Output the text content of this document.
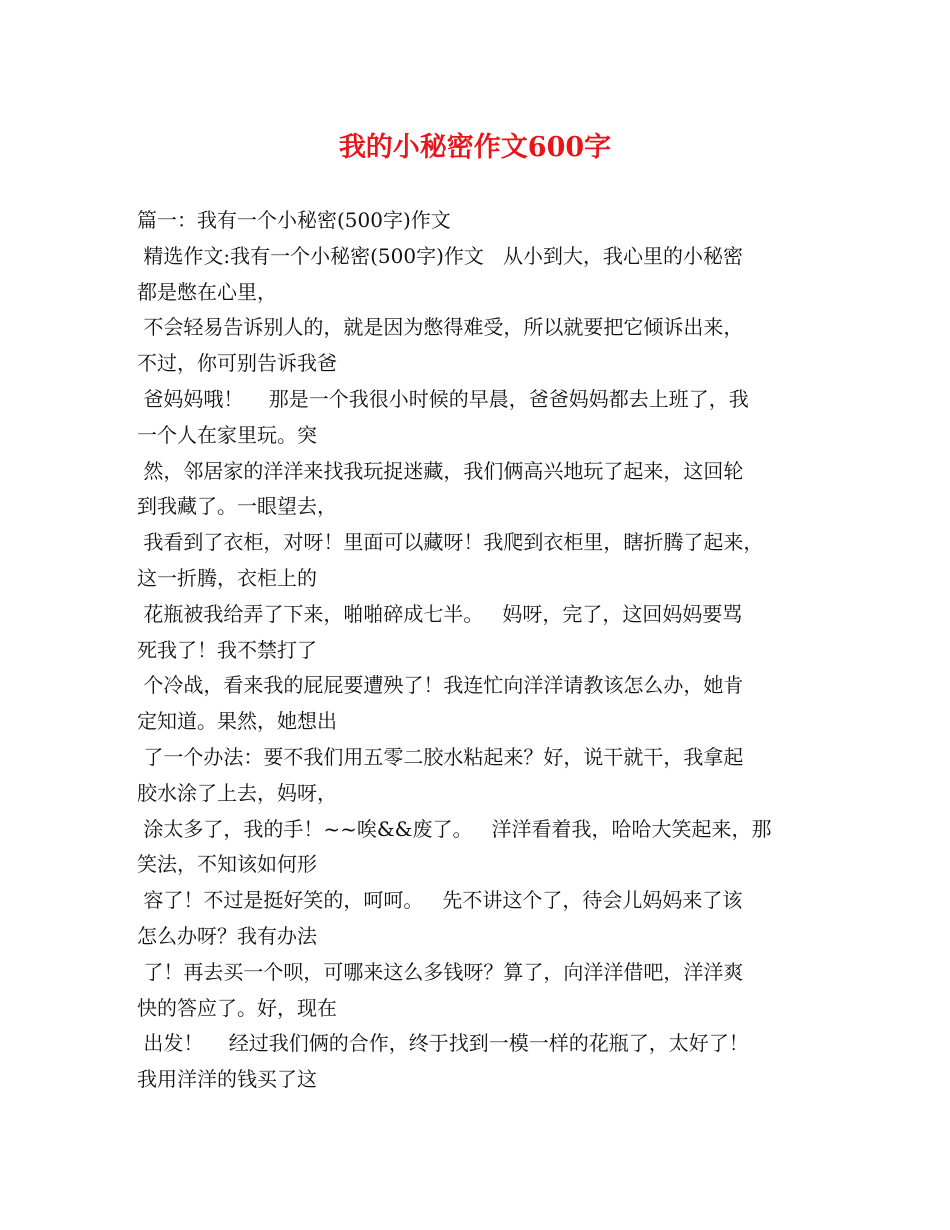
我的小秘密作文600字
篇一：我有一个小秘密(500字)作文
精选作文:我有一个小秘密(500字)作文   从小到大，我心里的小秘密
都是憋在心里，
不会轻易告诉别人的，就是因为憋得难受，所以就要把它倾诉出来，
不过，你可别告诉我爸
爸妈妈哦！    那是一个我很小时候的早晨，爸爸妈妈都去上班了，我
一个人在家里玩。突
然，邻居家的洋洋来找我玩捉迷藏，我们俩高兴地玩了起来，这回轮
到我藏了。一眼望去，
我看到了衣柜，对呀！里面可以藏呀！我爬到衣柜里，瞎折腾了起来，
这一折腾，衣柜上的
花瓶被我给弄了下来，啪啪碎成七半。   妈呀，完了，这回妈妈要骂
死我了！我不禁打了
个冷战，看来我的屁屁要遭殃了！我连忙向洋洋请教该怎么办，她肯
定知道。果然，她想出
了一个办法：要不我们用五零二胶水粘起来？好，说干就干，我拿起
胶水涂了上去，妈呀，
涂太多了，我的手！~~唉&&废了。   洋洋看着我，哈哈大笑起来，那
笑法，不知该如何形
容了！不过是挺好笑的，呵呵。   先不讲这个了，待会儿妈妈来了该
怎么办呀？我有办法
了！再去买一个呗，可哪来这么多钱呀？算了，向洋洋借吧，洋洋爽
快的答应了。好，现在
出发！    经过我们俩的合作，终于找到一模一样的花瓶了，太好了！
我用洋洋的钱买了这
